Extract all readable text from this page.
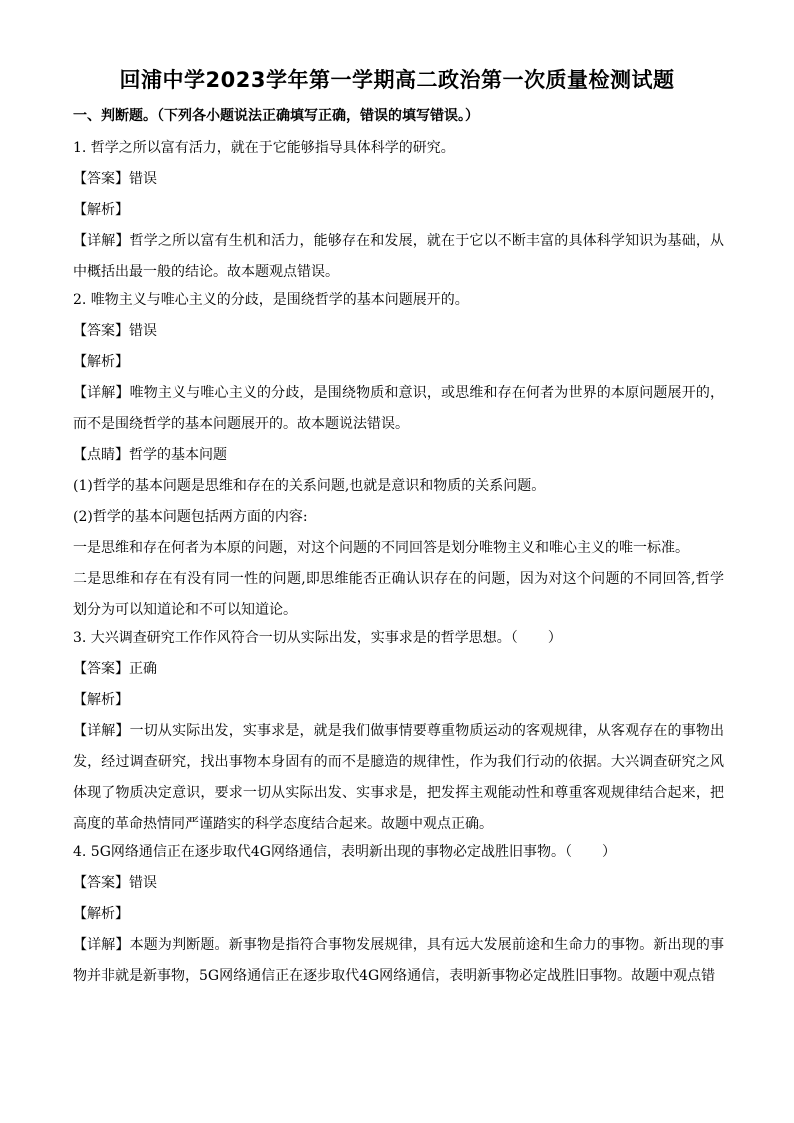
回浦中学2023学年第一学期高二政治第一次质量检测试题

一、判断题。（下列各小题说法正确填写正确，错误的填写错误。）

1. 哲学之所以富有活力，就在于它能够指导具体科学的研究。

【答案】错误

【解析】

【详解】哲学之所以富有生机和活力，能够存在和发展，就在于它以不断丰富的具体科学知识为基础，从中概括出最一般的结论。故本题观点错误。

2. 唯物主义与唯心主义的分歧，是围绕哲学的基本问题展开的。

【答案】错误

【解析】

【详解】唯物主义与唯心主义的分歧，是围绕物质和意识，或思维和存在何者为世界的本原问题展开的，而不是围绕哲学的基本问题展开的。故本题说法错误。

【点睛】哲学的基本问题

(1)哲学的基本问题是思维和存在的关系问题,也就是意识和物质的关系问题。

(2)哲学的基本问题包括两方面的内容:

一是思维和存在何者为本原的问题，对这个问题的不同回答是划分唯物主义和唯心主义的唯一标准。

二是思维和存在有没有同一性的问题,即思维能否正确认识存在的问题，因为对这个问题的不同回答,哲学划分为可以知道论和不可以知道论。

3. 大兴调查研究工作作风符合一切从实际出发，实事求是的哲学思想。（ ）

【答案】正确

【解析】

【详解】一切从实际出发，实事求是，就是我们做事情要尊重物质运动的客观规律，从客观存在的事物出发，经过调查研究，找出事物本身固有的而不是臆造的规律性，作为我们行动的依据。大兴调查研究之风体现了物质决定意识，要求一切从实际出发、实事求是，把发挥主观能动性和尊重客观规律结合起来，把高度的革命热情同严谨踏实的科学态度结合起来。故题中观点正确。

4. 5G网络通信正在逐步取代4G网络通信，表明新出现的事物必定战胜旧事物。（ ）

【答案】错误

【解析】

【详解】本题为判断题。新事物是指符合事物发展规律，具有远大发展前途和生命力的事物。新出现的事物并非就是新事物，5G网络通信正在逐步取代4G网络通信，表明新事物必定战胜旧事物。故题中观点错
